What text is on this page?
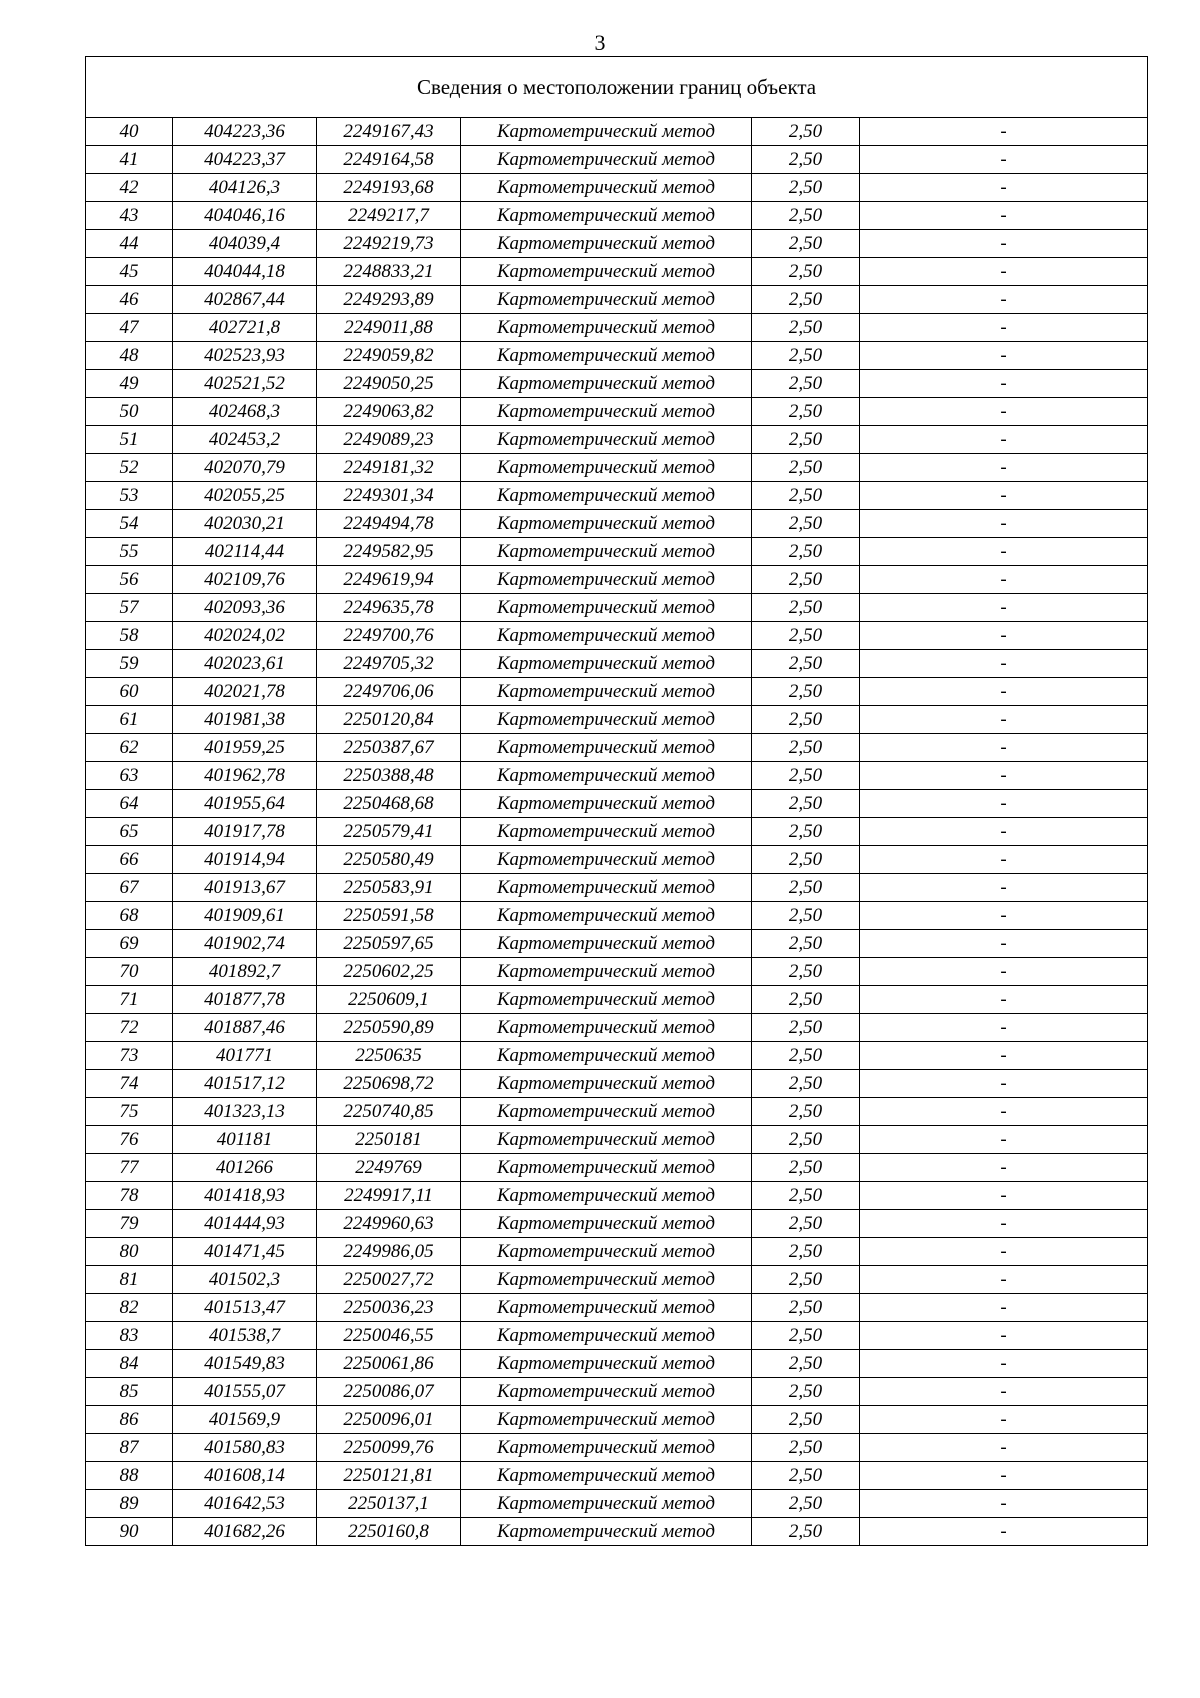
3
Сведения о местоположении границ объекта					
40	404223,36	2249167,43	Картометрический метод	2,50	-
41	404223,37	2249164,58	Картометрический метод	2,50	-
42	404126,3	2249193,68	Картометрический метод	2,50	-
43	404046,16	2249217,7	Картометрический метод	2,50	-
44	404039,4	2249219,73	Картометрический метод	2,50	-
45	404044,18	2248833,21	Картометрический метод	2,50	-
46	402867,44	2249293,89	Картометрический метод	2,50	-
47	402721,8	2249011,88	Картометрический метод	2,50	-
48	402523,93	2249059,82	Картометрический метод	2,50	-
49	402521,52	2249050,25	Картометрический метод	2,50	-
50	402468,3	2249063,82	Картометрический метод	2,50	-
51	402453,2	2249089,23	Картометрический метод	2,50	-
52	402070,79	2249181,32	Картометрический метод	2,50	-
53	402055,25	2249301,34	Картометрический метод	2,50	-
54	402030,21	2249494,78	Картометрический метод	2,50	-
55	402114,44	2249582,95	Картометрический метод	2,50	-
56	402109,76	2249619,94	Картометрический метод	2,50	-
57	402093,36	2249635,78	Картометрический метод	2,50	-
58	402024,02	2249700,76	Картометрический метод	2,50	-
59	402023,61	2249705,32	Картометрический метод	2,50	-
60	402021,78	2249706,06	Картометрический метод	2,50	-
61	401981,38	2250120,84	Картометрический метод	2,50	-
62	401959,25	2250387,67	Картометрический метод	2,50	-
63	401962,78	2250388,48	Картометрический метод	2,50	-
64	401955,64	2250468,68	Картометрический метод	2,50	-
65	401917,78	2250579,41	Картометрический метод	2,50	-
66	401914,94	2250580,49	Картометрический метод	2,50	-
67	401913,67	2250583,91	Картометрический метод	2,50	-
68	401909,61	2250591,58	Картометрический метод	2,50	-
69	401902,74	2250597,65	Картометрический метод	2,50	-
70	401892,7	2250602,25	Картометрический метод	2,50	-
71	401877,78	2250609,1	Картометрический метод	2,50	-
72	401887,46	2250590,89	Картометрический метод	2,50	-
73	401771	2250635	Картометрический метод	2,50	-
74	401517,12	2250698,72	Картометрический метод	2,50	-
75	401323,13	2250740,85	Картометрический метод	2,50	-
76	401181	2250181	Картометрический метод	2,50	-
77	401266	2249769	Картометрический метод	2,50	-
78	401418,93	2249917,11	Картометрический метод	2,50	-
79	401444,93	2249960,63	Картометрический метод	2,50	-
80	401471,45	2249986,05	Картометрический метод	2,50	-
81	401502,3	2250027,72	Картометрический метод	2,50	-
82	401513,47	2250036,23	Картометрический метод	2,50	-
83	401538,7	2250046,55	Картометрический метод	2,50	-
84	401549,83	2250061,86	Картометрический метод	2,50	-
85	401555,07	2250086,07	Картометрический метод	2,50	-
86	401569,9	2250096,01	Картометрический метод	2,50	-
87	401580,83	2250099,76	Картометрический метод	2,50	-
88	401608,14	2250121,81	Картометрический метод	2,50	-
89	401642,53	2250137,1	Картометрический метод	2,50	-
90	401682,26	2250160,8	Картометрический метод	2,50	-
